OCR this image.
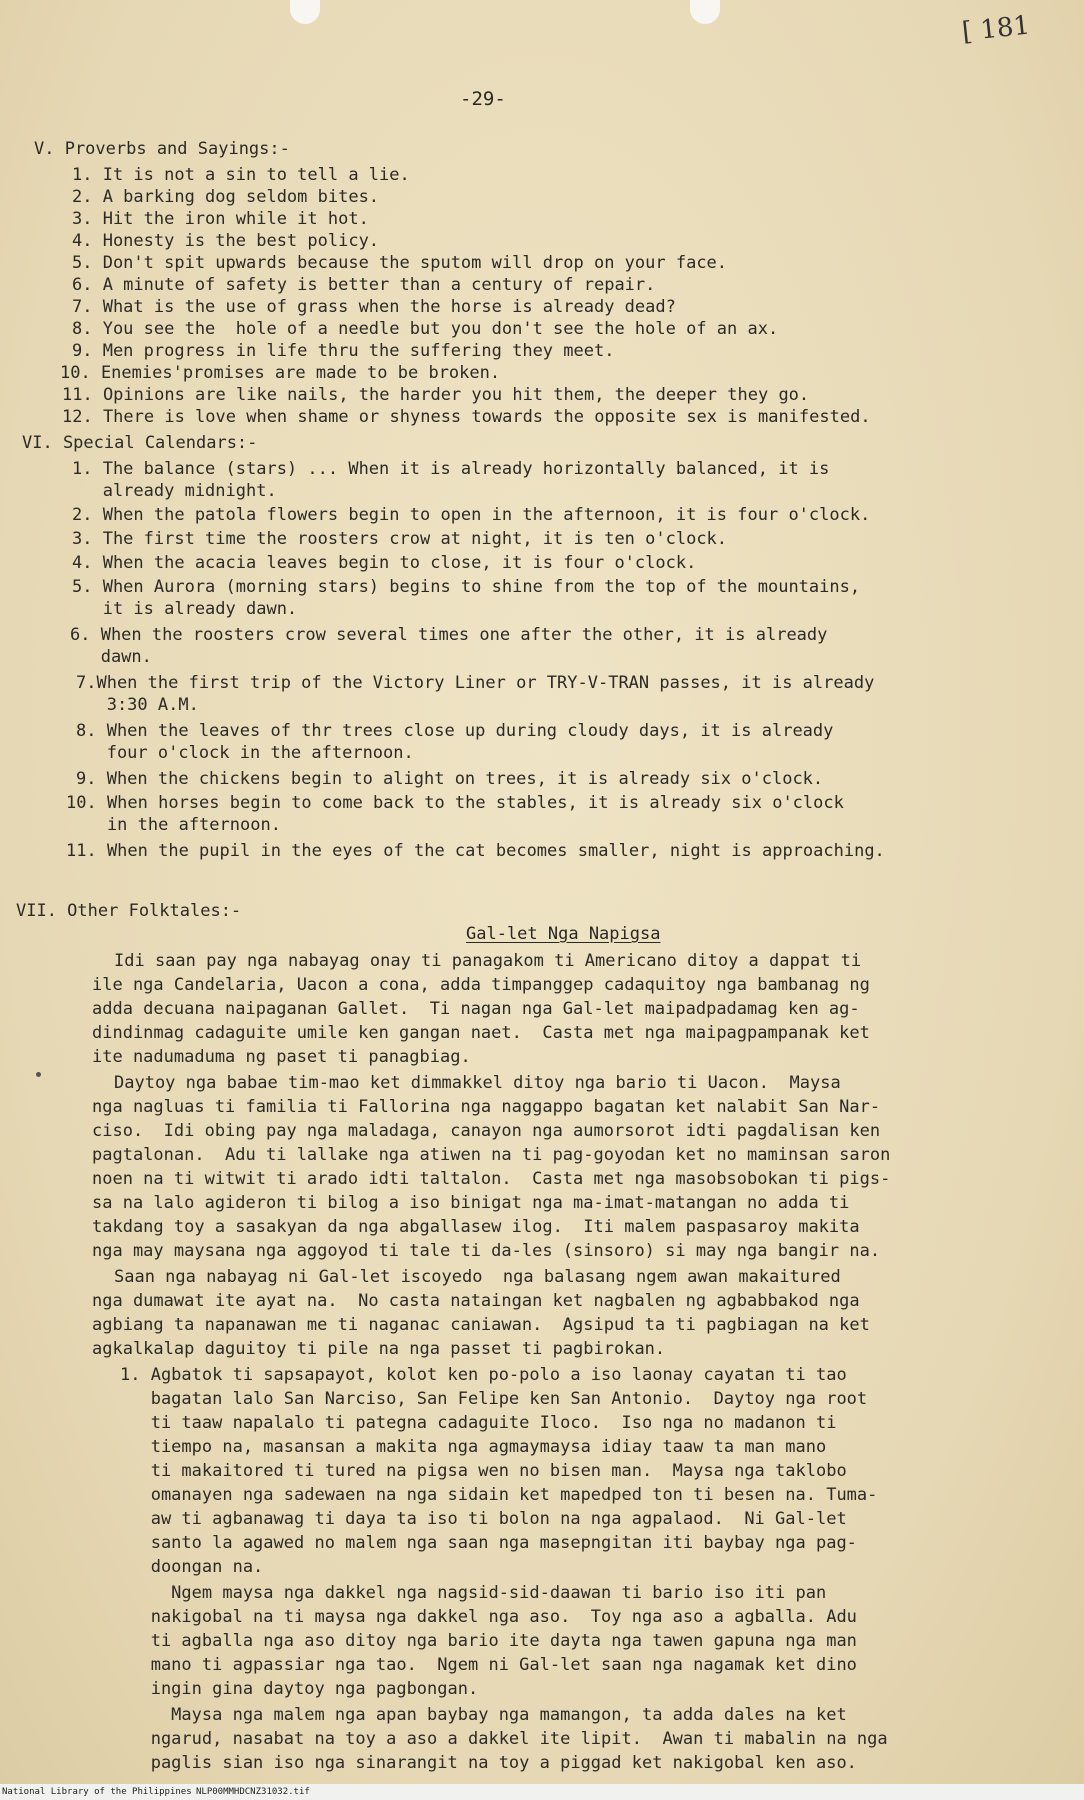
[ 181
-29-
V. Proverbs and Sayings:-
1. It is not a sin to tell a lie.
2. A barking dog seldom bites.
3. Hit the iron while it hot.
4. Honesty is the best policy.
5. Don't spit upwards because the sputom will drop on your face.
6. A minute of safety is better than a century of repair.
7. What is the use of grass when the horse is already dead?
8. You see the  hole of a needle but you don't see the hole of an ax.
9. Men progress in life thru the suffering they meet.
10. Enemies'promises are made to be broken.
11. Opinions are like nails, the harder you hit them, the deeper they go.
12. There is love when shame or shyness towards the opposite sex is manifested.
VI. Special Calendars:-
1. The balance (stars) ... When it is already horizontally balanced, it is
already midnight.
2. When the patola flowers begin to open in the afternoon, it is four o'clock.
3. The first time the roosters crow at night, it is ten o'clock.
4. When the acacia leaves begin to close, it is four o'clock.
5. When Aurora (morning stars) begins to shine from the top of the mountains,
it is already dawn.
6. When the roosters crow several times one after the other, it is already
dawn.
7.When the first trip of the Victory Liner or TRY-V-TRAN passes, it is already
3:30 A.M.
8. When the leaves of thr trees close up during cloudy days, it is already
four o'clock in the afternoon.
9. When the chickens begin to alight on trees, it is already six o'clock.
10. When horses begin to come back to the stables, it is already six o'clock
in the afternoon.
11. When the pupil in the eyes of the cat becomes smaller, night is approaching.
VII. Other Folktales:-
Gal-let Nga Napigsa
Idi saan pay nga nabayag onay ti panagakom ti Americano ditoy a dappat ti
ile nga Candelaria, Uacon a cona, adda timpanggep cadaquitoy nga bambanag ng
adda decuana naipaganan Gallet.  Ti nagan nga Gal-let maipadpadamag ken ag-
dindinmag cadaguite umile ken gangan naet.  Casta met nga maipagpampanak ket
ite nadumaduma ng paset ti panagbiag.
Daytoy nga babae tim-mao ket dimmakkel ditoy nga bario ti Uacon.  Maysa
nga nagluas ti familia ti Fallorina nga naggappo bagatan ket nalabit San Nar-
ciso.  Idi obing pay nga maladaga, canayon nga aumorsorot idti pagdalisan ken
pagtalonan.  Adu ti lallake nga atiwen na ti pag-goyodan ket no maminsan saron
noen na ti witwit ti arado idti taltalon.  Casta met nga masobsobokan ti pigs-
sa na lalo agideron ti bilog a iso binigat nga ma-imat-matangan no adda ti
takdang toy a sasakyan da nga abgallasew ilog.  Iti malem paspasaroy makita
nga may maysana nga aggoyod ti tale ti da-les (sinsoro) si may nga bangir na.
Saan nga nabayag ni Gal-let iscoyedo  nga balasang ngem awan makaitured
nga dumawat ite ayat na.  No casta nataingan ket nagbalen ng agbabbakod nga
agbiang ta napanawan me ti naganac caniawan.  Agsipud ta ti pagbiagan na ket
agkalkalap daguitoy ti pile na nga passet ti pagbirokan.
1. Agbatok ti sapsapayot, kolot ken po-polo a iso laonay cayatan ti tao
bagatan lalo San Narciso, San Felipe ken San Antonio.  Daytoy nga root
ti taaw napalalo ti pategna cadaguite Iloco.  Iso nga no madanon ti
tiempo na, masansan a makita nga agmaymaysa idiay taaw ta man mano
ti makaitored ti tured na pigsa wen no bisen man.  Maysa nga taklobo
omanayen nga sadewaen na nga sidain ket mapedped ton ti besen na. Tuma-
aw ti agbanawag ti daya ta iso ti bolon na nga agpalaod.  Ni Gal-let
santo la agawed no malem nga saan nga masepngitan iti baybay nga pag-
doongan na.
Ngem maysa nga dakkel nga nagsid-sid-daawan ti bario iso iti pan
nakigobal na ti maysa nga dakkel nga aso.  Toy nga aso a agballa. Adu
ti agballa nga aso ditoy nga bario ite dayta nga tawen gapuna nga man
mano ti agpassiar nga tao.  Ngem ni Gal-let saan nga nagamak ket dino
ingin gina daytoy nga pagbongan.
Maysa nga malem nga apan baybay nga mamangon, ta adda dales na ket
ngarud, nasabat na toy a aso a dakkel ite lipit.  Awan ti mabalin na nga
paglis sian iso nga sinarangit na toy a piggad ket nakigobal ken aso.
National Library of the Philippines NLP00MMHDCNZ31032.tif
